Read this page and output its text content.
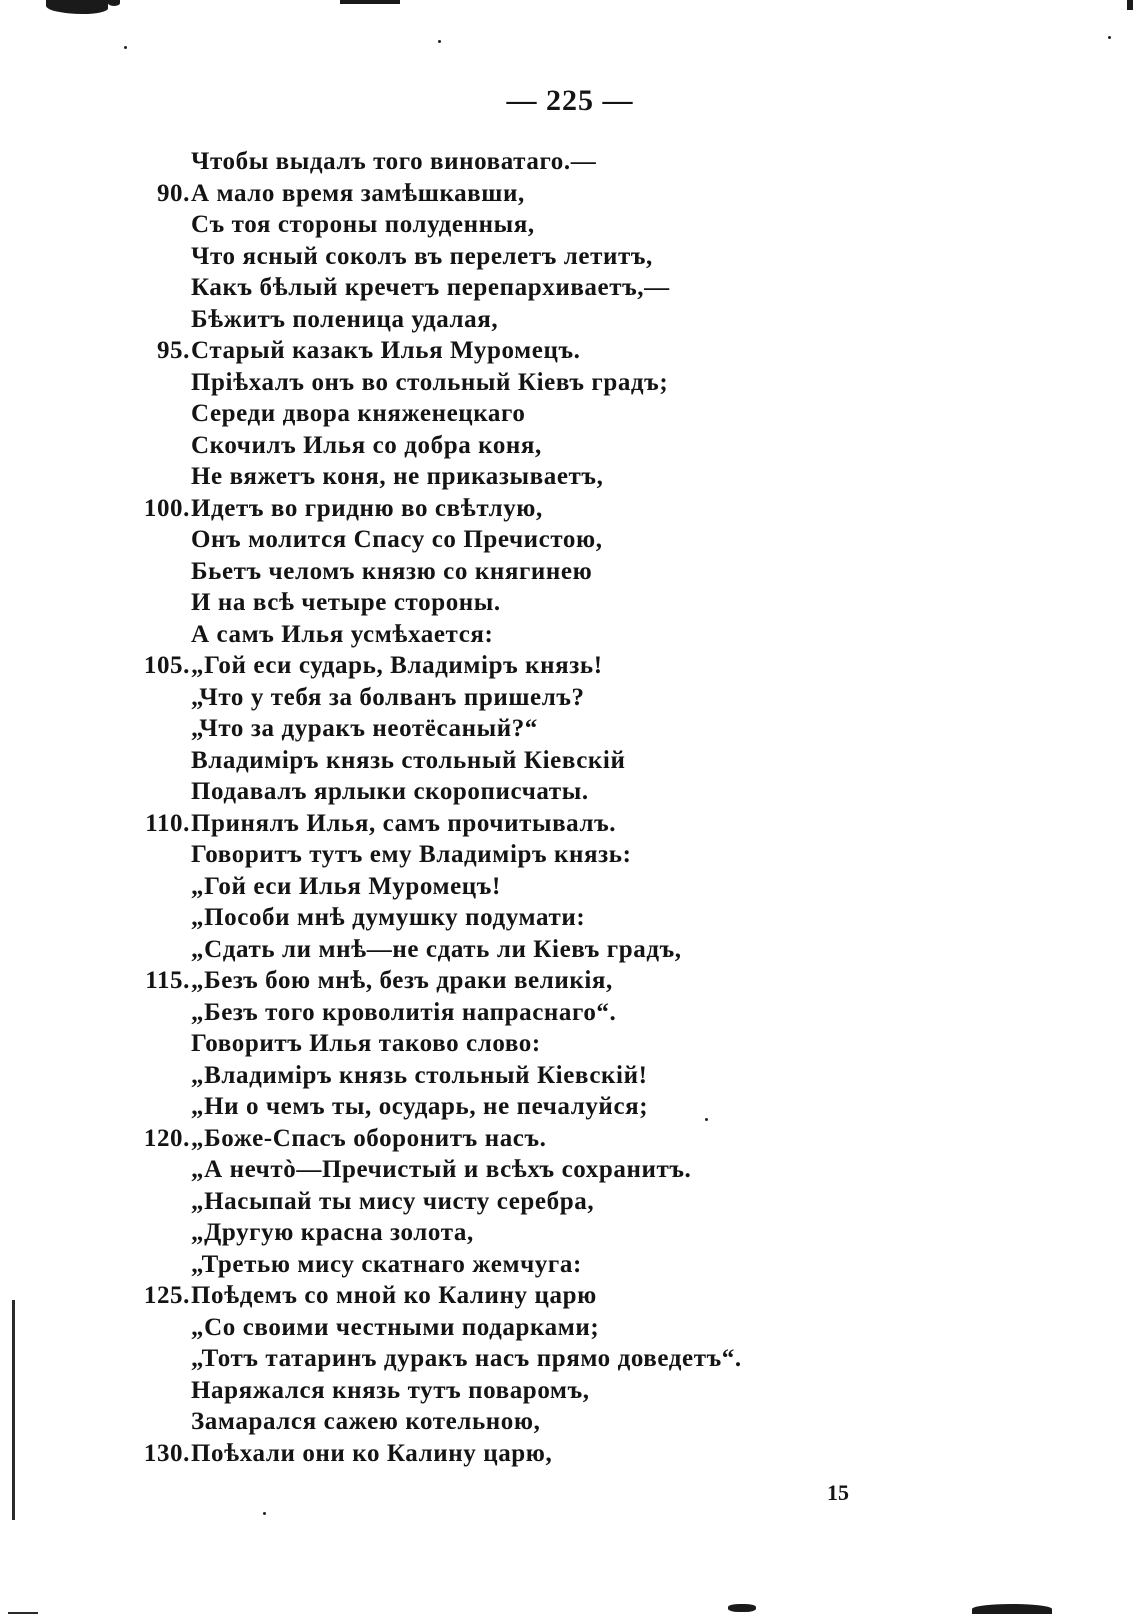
— 225 —
Чтобы выдалъ того виноватаго.—
90. А мало время замѣшкавши,
Съ тоя стороны полуденныя,
Что ясный соколъ въ перелетъ летитъ,
Какъ бѣлый кречетъ перепархиваетъ,—
Бѣжитъ поленица удалая,
95. Старый казакъ Илья Муромецъ.
Пріѣхалъ онъ во стольный Кіевъ градъ;
Середи двора княженецкаго
Скочилъ Илья со добра коня,
Не вяжетъ коня, не приказываетъ,
100. Идетъ во гридню во свѣтлую,
Онъ молится Спасу со Пречистою,
Бьетъ челомъ князю со княгинею
И на всѣ четыре стороны.
А самъ Илья усмѣхается:
105. „Гой еси сударь, Владиміръ князь!
„Что у тебя за болванъ пришелъ?
„Что за дуракъ неотёсаный?“
Владиміръ князь стольный Кіевскій
Подавалъ ярлыки скорописчаты.
110. Принялъ Илья, самъ прочитывалъ.
Говоритъ тутъ ему Владиміръ князь:
„Гой еси Илья Муромецъ!
„Пособи мнѣ думушку подумати:
„Сдать ли мнѣ—не сдать ли Кіевъ градъ,
115. „Безъ бою мнѣ, безъ драки великія,
„Безъ того кроволитія напраснаго“.
Говоритъ Илья таково слово:
„Владиміръ князь стольный Кіевскій!
„Ни о чемъ ты, осударь, не печалуйся;
120. „Боже-Спасъ оборонитъ насъ.
„А нечтò—Пречистый и всѣхъ сохранитъ.
„Насыпай ты мису чисту серебра,
„Другую красна золота,
„Третью мису скатнаго жемчуга:
125. Поѣдемъ со мной ко Калину царю
„Со своими честными подарками;
„Тотъ татаринъ дуракъ насъ прямо доведетъ“.
Наряжался князь тутъ поваромъ,
Замарался сажею котельною,
130. Поѣхали они ко Калину царю,
15
